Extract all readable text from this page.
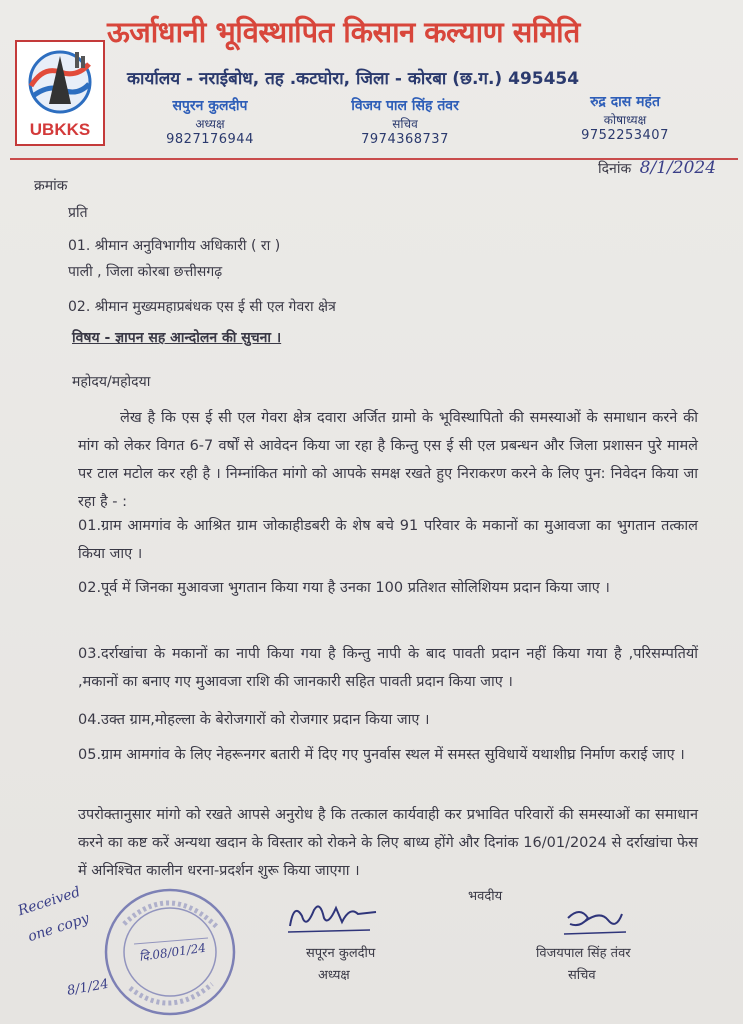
UBKKS
ऊर्जाधानी भूविस्थापित किसान कल्याण समिति
कार्यालय - नराईबोध, तह .कटघोरा, जिला - कोरबा (छ.ग.) 495454
सपुरन कुलदीप
अध्यक्ष
9827176944
विजय पाल सिंह तंवर
सचिव
7974368737
रुद्र दास महंत
कोषाध्यक्ष
9752253407
दिनांक 8/1/2024
क्रमांक
प्रति
01. श्रीमान अनुविभागीय अधिकारी ( रा )
पाली , जिला कोरबा छत्तीसगढ़
02. श्रीमान मुख्यमहाप्रबंधक एस ई सी एल गेवरा क्षेत्र
विषय - ज्ञापन सह आन्दोलन की सुचना ।
महोदय/महोदया
लेख है कि एस ई सी एल गेवरा क्षेत्र दवारा अर्जित ग्रामो के भूविस्थापितो की समस्याओं के समाधान करने की मांग को लेकर विगत 6-7 वर्षों से आवेदन किया जा रहा है किन्तु एस ई सी एल प्रबन्धन और जिला प्रशासन पुरे मामले पर टाल मटोल कर रही है । निम्नांकित मांगो को आपके समक्ष रखते हुए निराकरण करने के लिए पुन: निवेदन किया जा रहा है - :
01.ग्राम आमगांव के आश्रित ग्राम जोकाहीडबरी के शेष बचे 91 परिवार के मकानों का मुआवजा का भुगतान तत्काल किया जाए ।
02.पूर्व में जिनका मुआवजा भुगतान किया गया है उनका 100 प्रतिशत सोलिशियम प्रदान किया जाए ।
03.दर्राखांचा के मकानों का नापी किया गया है किन्तु नापी के बाद पावती प्रदान नहीं किया गया है ,परिसम्पतियों ,मकानों का बनाए गए मुआवजा राशि की जानकारी सहित पावती प्रदान किया जाए ।
04.उक्त ग्राम,मोहल्ला के बेरोजगारों को रोजगार प्रदान किया जाए ।
05.ग्राम आमगांव के लिए नेहरूनगर बतारी में दिए गए पुनर्वास स्थल में समस्त सुविधायें यथाशीघ्र निर्माण कराई जाए ।
उपरोक्तानुसार मांगो को रखते आपसे अनुरोध है कि तत्काल कार्यवाही कर प्रभावित परिवारों की समस्याओं का समाधान करने का कष्ट करें अन्यथा खदान के विस्तार को रोकने के लिए बाध्य होंगे और दिनांक 16/01/2024 से दर्राखांचा फेस में अनिश्चित कालीन धरना-प्रदर्शन शुरू किया जाएगा ।
भवदीय
सपूरन कुलदीप
अध्यक्ष
विजयपाल सिंह तंवर
सचिव
Received
one copy
8/1/24
दि.08/01/24
